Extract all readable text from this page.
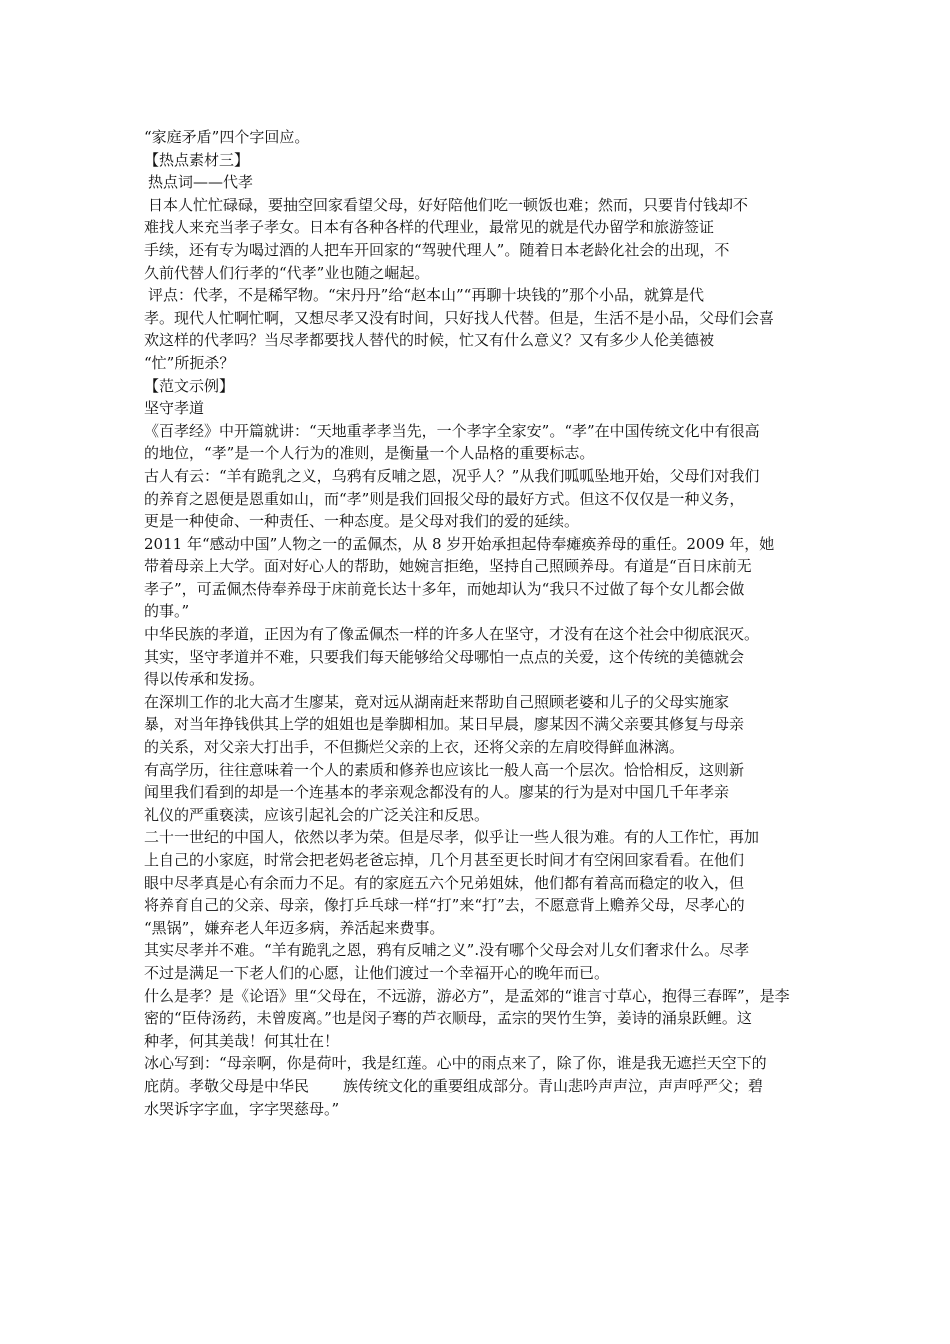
“家庭矛盾”四个字回应。
【热点素材三】
热点词——代孝
日本人忙忙碌碌，要抽空回家看望父母，好好陪他们吃一顿饭也难；然而，只要肯付钱却不
难找人来充当孝子孝女。日本有各种各样的代理业，最常见的就是代办留学和旅游签证
手续，还有专为喝过酒的人把车开回家的“驾驶代理人”。随着日本老龄化社会的出现，不
久前代替人们行孝的“代孝”业也随之崛起。
评点：代孝，不是稀罕物。“宋丹丹”给“赵本山”“再聊十块钱的”那个小品，就算是代
孝。现代人忙啊忙啊，又想尽孝又没有时间，只好找人代替。但是，生活不是小品，父母们会喜
欢这样的代孝吗？当尽孝都要找人替代的时候，忙又有什么意义？又有多少人伦美德被
“忙”所扼杀？
【范文示例】
坚守孝道
《百孝经》中开篇就讲：“天地重孝孝当先，一个孝字全家安”。“孝”在中国传统文化中有很高
的地位，“孝”是一个人行为的准则，是衡量一个人品格的重要标志。
古人有云：“羊有跪乳之义，乌鸦有反哺之恩，况乎人？”从我们呱呱坠地开始，父母们对我们
的养育之恩便是恩重如山，而“孝”则是我们回报父母的最好方式。但这不仅仅是一种义务，
更是一种使命、一种责任、一种态度。是父母对我们的爱的延续。
2011 年“感动中国”人物之一的孟佩杰，从 8 岁开始承担起侍奉瘫痪养母的重任。2009 年，她
带着母亲上大学。面对好心人的帮助，她婉言拒绝，坚持自己照顾养母。有道是“百日床前无
孝子”，可孟佩杰侍奉养母于床前竟长达十多年，而她却认为“我只不过做了每个女儿都会做
的事。”
中华民族的孝道，正因为有了像孟佩杰一样的许多人在坚守，才没有在这个社会中彻底泯灭。
其实，坚守孝道并不难，只要我们每天能够给父母哪怕一点点的关爱，这个传统的美德就会
得以传承和发扬。
在深圳工作的北大高才生廖某，竟对远从湖南赶来帮助自己照顾老婆和儿子的父母实施家
暴，对当年挣钱供其上学的姐姐也是拳脚相加。某日早晨，廖某因不满父亲要其修复与母亲
的关系，对父亲大打出手，不但撕烂父亲的上衣，还将父亲的左肩咬得鲜血淋漓。
有高学历，往往意味着一个人的素质和修养也应该比一般人高一个层次。恰恰相反，这则新
闻里我们看到的却是一个连基本的孝亲观念都没有的人。廖某的行为是对中国几千年孝亲
礼仪的严重亵渎，应该引起礼会的广泛关注和反思。
二十一世纪的中国人，依然以孝为荣。但是尽孝，似乎让一些人很为难。有的人工作忙，再加
上自己的小家庭，时常会把老妈老爸忘掉，几个月甚至更长时间才有空闲回家看看。在他们
眼中尽孝真是心有余而力不足。有的家庭五六个兄弟姐妹，他们都有着高而稳定的收入，但
将养育自己的父亲、母亲，像打乒乓球一样“打”来“打”去，不愿意背上赡养父母，尽孝心的
“黑锅”，嫌弃老人年迈多病，养活起来费事。
其实尽孝并不难。“羊有跪乳之恩，鸦有反哺之义”.没有哪个父母会对儿女们奢求什么。尽孝
不过是满足一下老人们的心愿，让他们渡过一个幸福开心的晚年而已。
什么是孝？是《论语》里“父母在，不远游，游必方”，是孟郊的“谁言寸草心，抱得三春晖”，是李
密的“臣侍汤药，未曾废离。”也是闵子骞的芦衣顺母，孟宗的哭竹生笋，姜诗的涌泉跃鲤。这
种孝，何其美哉！何其壮在！
冰心写到：“母亲啊，你是荷叶，我是红莲。心中的雨点来了，除了你，谁是我无遮拦天空下的
庇荫。孝敬父母是中华民 族传统文化的重要组成部分。青山悲吟声声泣，声声呼严父；碧
水哭诉字字血，字字哭慈母。”
